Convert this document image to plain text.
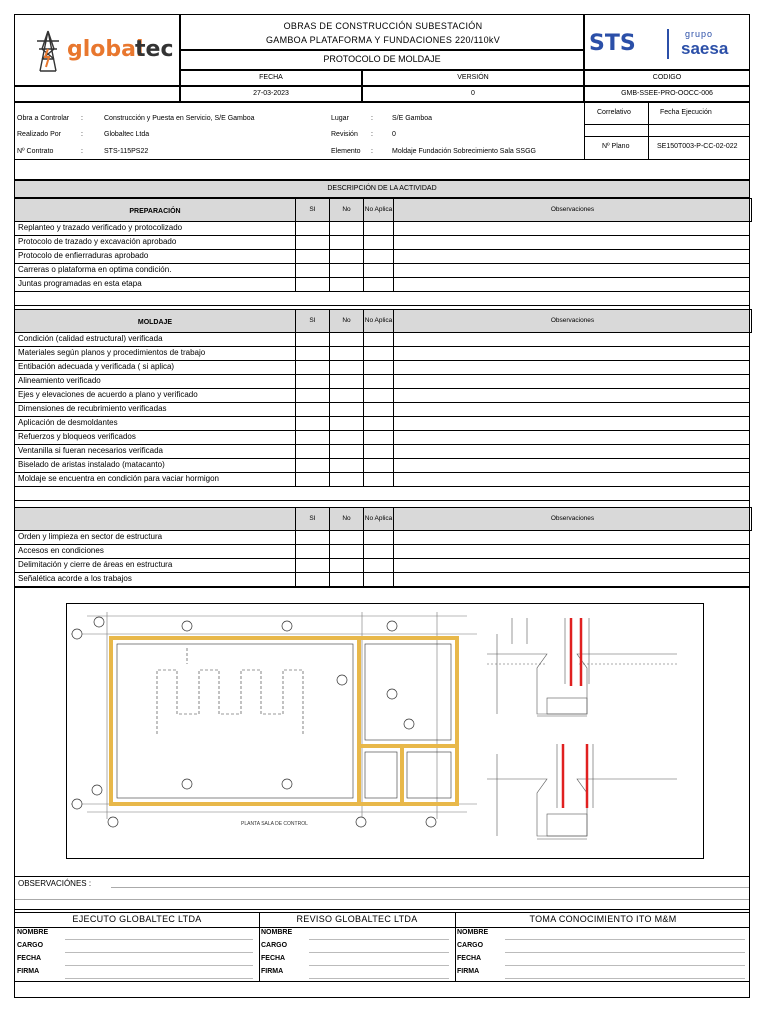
global
tec
OBRAS DE CONSTRUCCIÓN SUBESTACIÓN
GAMBOA PLATAFORMA Y FUNDACIONES 220/110kV
PROTOCOLO DE MOLDAJE
STS	grupo
saesa
FECHA	VERSIÓN	CODIGO
27-03-2023	0	GMB-SSEE-PRO-OOCC-006
Obra a Controlar :	Construcción y Puesta en Servicio, S/E Gamboa
Realizado Por	:	Globaltec Ltda
Nº Contrato	:	STS-115PS22
Lugar	:	S/E Gamboa
Revisión :	0
Elemento :	Moldaje Fundación Sobrecimiento Sala SSGG
Correlativo	Fecha Ejecución
Nº Plano	SE150T003-P-CC-02-022
DESCRIPCIÓN DE LA ACTIVIDAD
PREPARACIÓN	SI	No	No Aplica	Observaciones
Replanteo y trazado verificado y protocolizado
Protocolo de trazado y excavación aprobado
Protocolo de enfierraduras aprobado
Carreras o plataforma en optima condición.
Juntas programadas en esta etapa
MOLDAJE	SI	No	No Aplica	Observaciones
Condición (calidad estructural) verificada
Materiales según planos y procedimientos de trabajo
Entibación adecuada y verificada ( si aplica)
Alineamiento verificado
Ejes y elevaciones de acuerdo a plano y verificado
Dimensiones de recubrimiento verificadas
Aplicación de desmoldantes
Refuerzos y bloqueos verificados
Ventanilla si fueran necesarios verificada
Biselado de aristas instalado (matacanto)
Moldaje se encuentra en condición para vaciar hormigon
SI	No	No Aplica	Observaciones
Orden y limpieza en sector de estructura
Accesos en condiciones
Delimitación y cierre de áreas en estructura
Señalética acorde a los trabajos
PLANTA SALA DE CONTROL
OBSERVACIÓNES :
EJECUTO GLOBALTEC LTDA	REVISO GLOBALTEC LTDA	TOMA CONOCIMIENTO ITO M&M
NOMBRE
CARGO
FECHA
FIRMA
NOMBRE
CARGO
FECHA
FIRMA
NOMBRE
CARGO
FECHA
FIRMA
